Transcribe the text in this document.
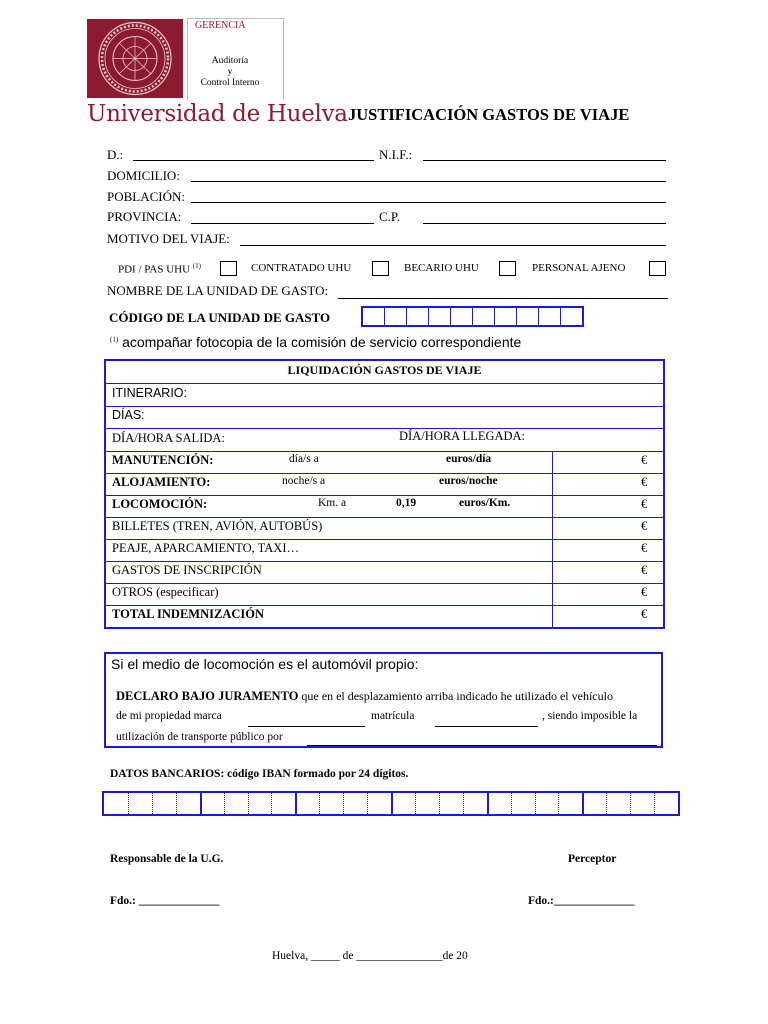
GERENCIA
Auditoría
y
Control Interno
Universidad de Huelva JUSTIFICACIÓN GASTOS DE VIAJE
D.:	N.I.F.:
DOMICILIO:
POBLACIÓN:
PROVINCIA:	C.P.
MOTIVO DEL VIAJE:
PDI / PAS UHU $^{(1)}$	CONTRATADO UHU	BECARIO UHU	PERSONAL AJENO
NOMBRE DE LA UNIDAD DE GASTO:
CÓDIGO DE LA UNIDAD DE GASTO
$^{(1)}$ acompañar fotocopia de la comisión de servicio correspondiente
LIQUIDACIÓN GASTOS DE VIAJE
ITINERARIO:
DÍAS:
DÍA/HORA SALIDA:	DÍA/HORA LLEGADA:
MANUTENCIÓN:	día/s a	euros/día	€
ALOJAMIENTO:	noche/s a	euros/noche	€
LOCOMOCIÓN:	Km. a	0,19	euros/Km.	€
BILLETES (TREN, AVIÓN, AUTOBÚS)	€
PEAJE, APARCAMIENTO, TAXI…	€
GASTOS DE INSCRIPCIÓN	€
OTROS (especificar)	€
TOTAL INDEMNIZACIÓN	€
Si el medio de locomoción es el automóvil propio:
DECLARO BAJO JURAMENTO que en el desplazamiento arriba indicado he utilizado el vehículo
de mi propiedad marca	matrícula	, siendo imposible la
utilización de transporte público por
DATOS BANCARIOS: código IBAN formado por 24 dígitos.
Responsable de la U.G.	Perceptor
Fdo.: ______________	Fdo.:______________
Huelva, _____ de _______________de 20
